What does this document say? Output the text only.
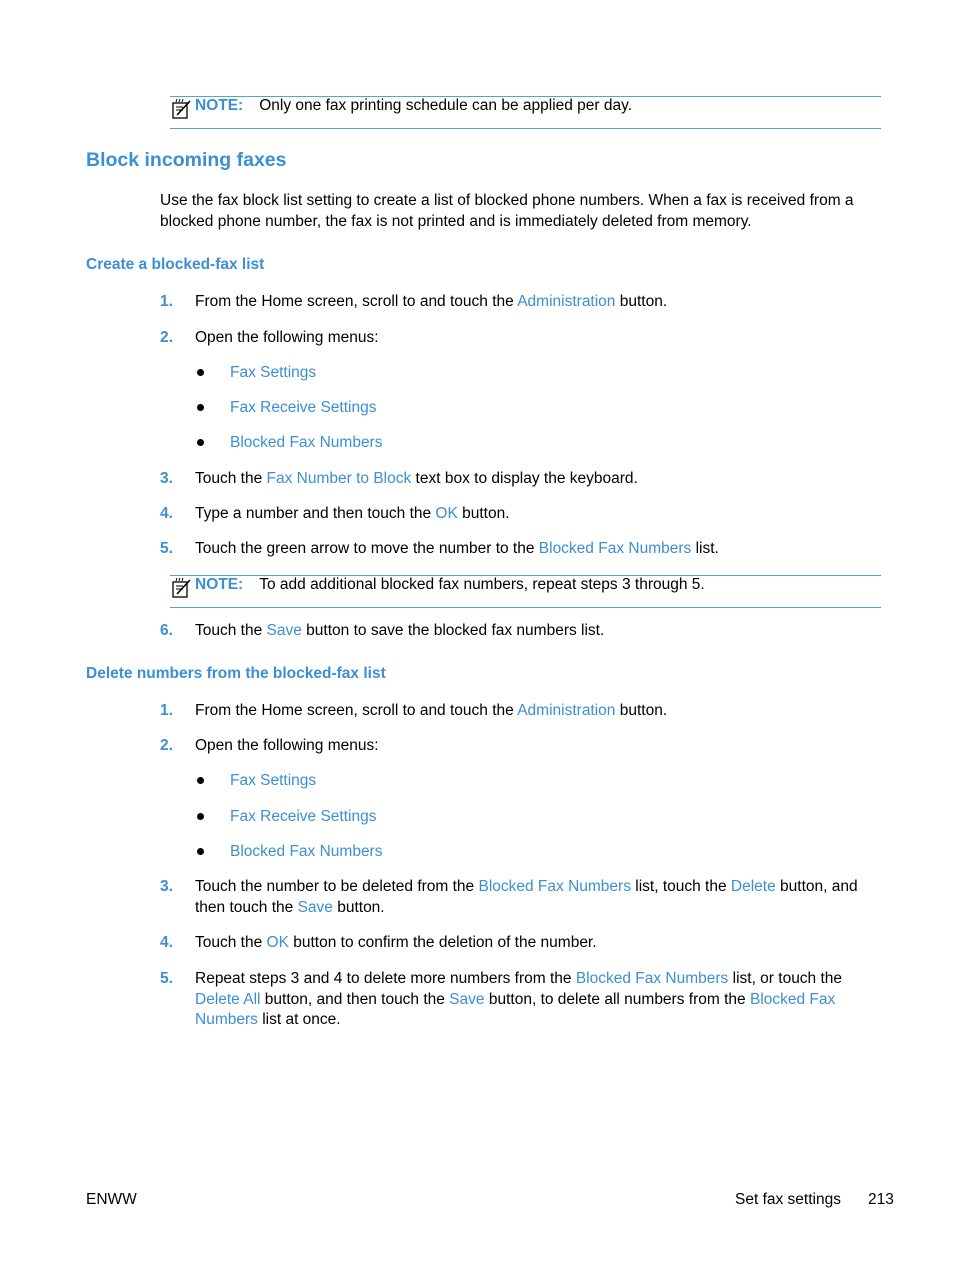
NOTE: Only one fax printing schedule can be applied per day.
Block incoming faxes
Use the fax block list setting to create a list of blocked phone numbers. When a fax is received from a
blocked phone number, the fax is not printed and is immediately deleted from memory.
Create a blocked-fax list
1. From the Home screen, scroll to and touch the Administration button.
2. Open the following menus:
Fax Settings
Fax Receive Settings
Blocked Fax Numbers
3. Touch the Fax Number to Block text box to display the keyboard.
4. Type a number and then touch the OK button.
5. Touch the green arrow to move the number to the Blocked Fax Numbers list.
NOTE: To add additional blocked fax numbers, repeat steps 3 through 5.
6. Touch the Save button to save the blocked fax numbers list.
Delete numbers from the blocked-fax list
1. From the Home screen, scroll to and touch the Administration button.
2. Open the following menus:
Fax Settings
Fax Receive Settings
Blocked Fax Numbers
3. Touch the number to be deleted from the Blocked Fax Numbers list, touch the Delete button, and
then touch the Save button.
4. Touch the OK button to confirm the deletion of the number.
5. Repeat steps 3 and 4 to delete more numbers from the Blocked Fax Numbers list, or touch the
Delete All button, and then touch the Save button, to delete all numbers from the Blocked Fax
Numbers list at once.
ENWW	Set fax settings 213
